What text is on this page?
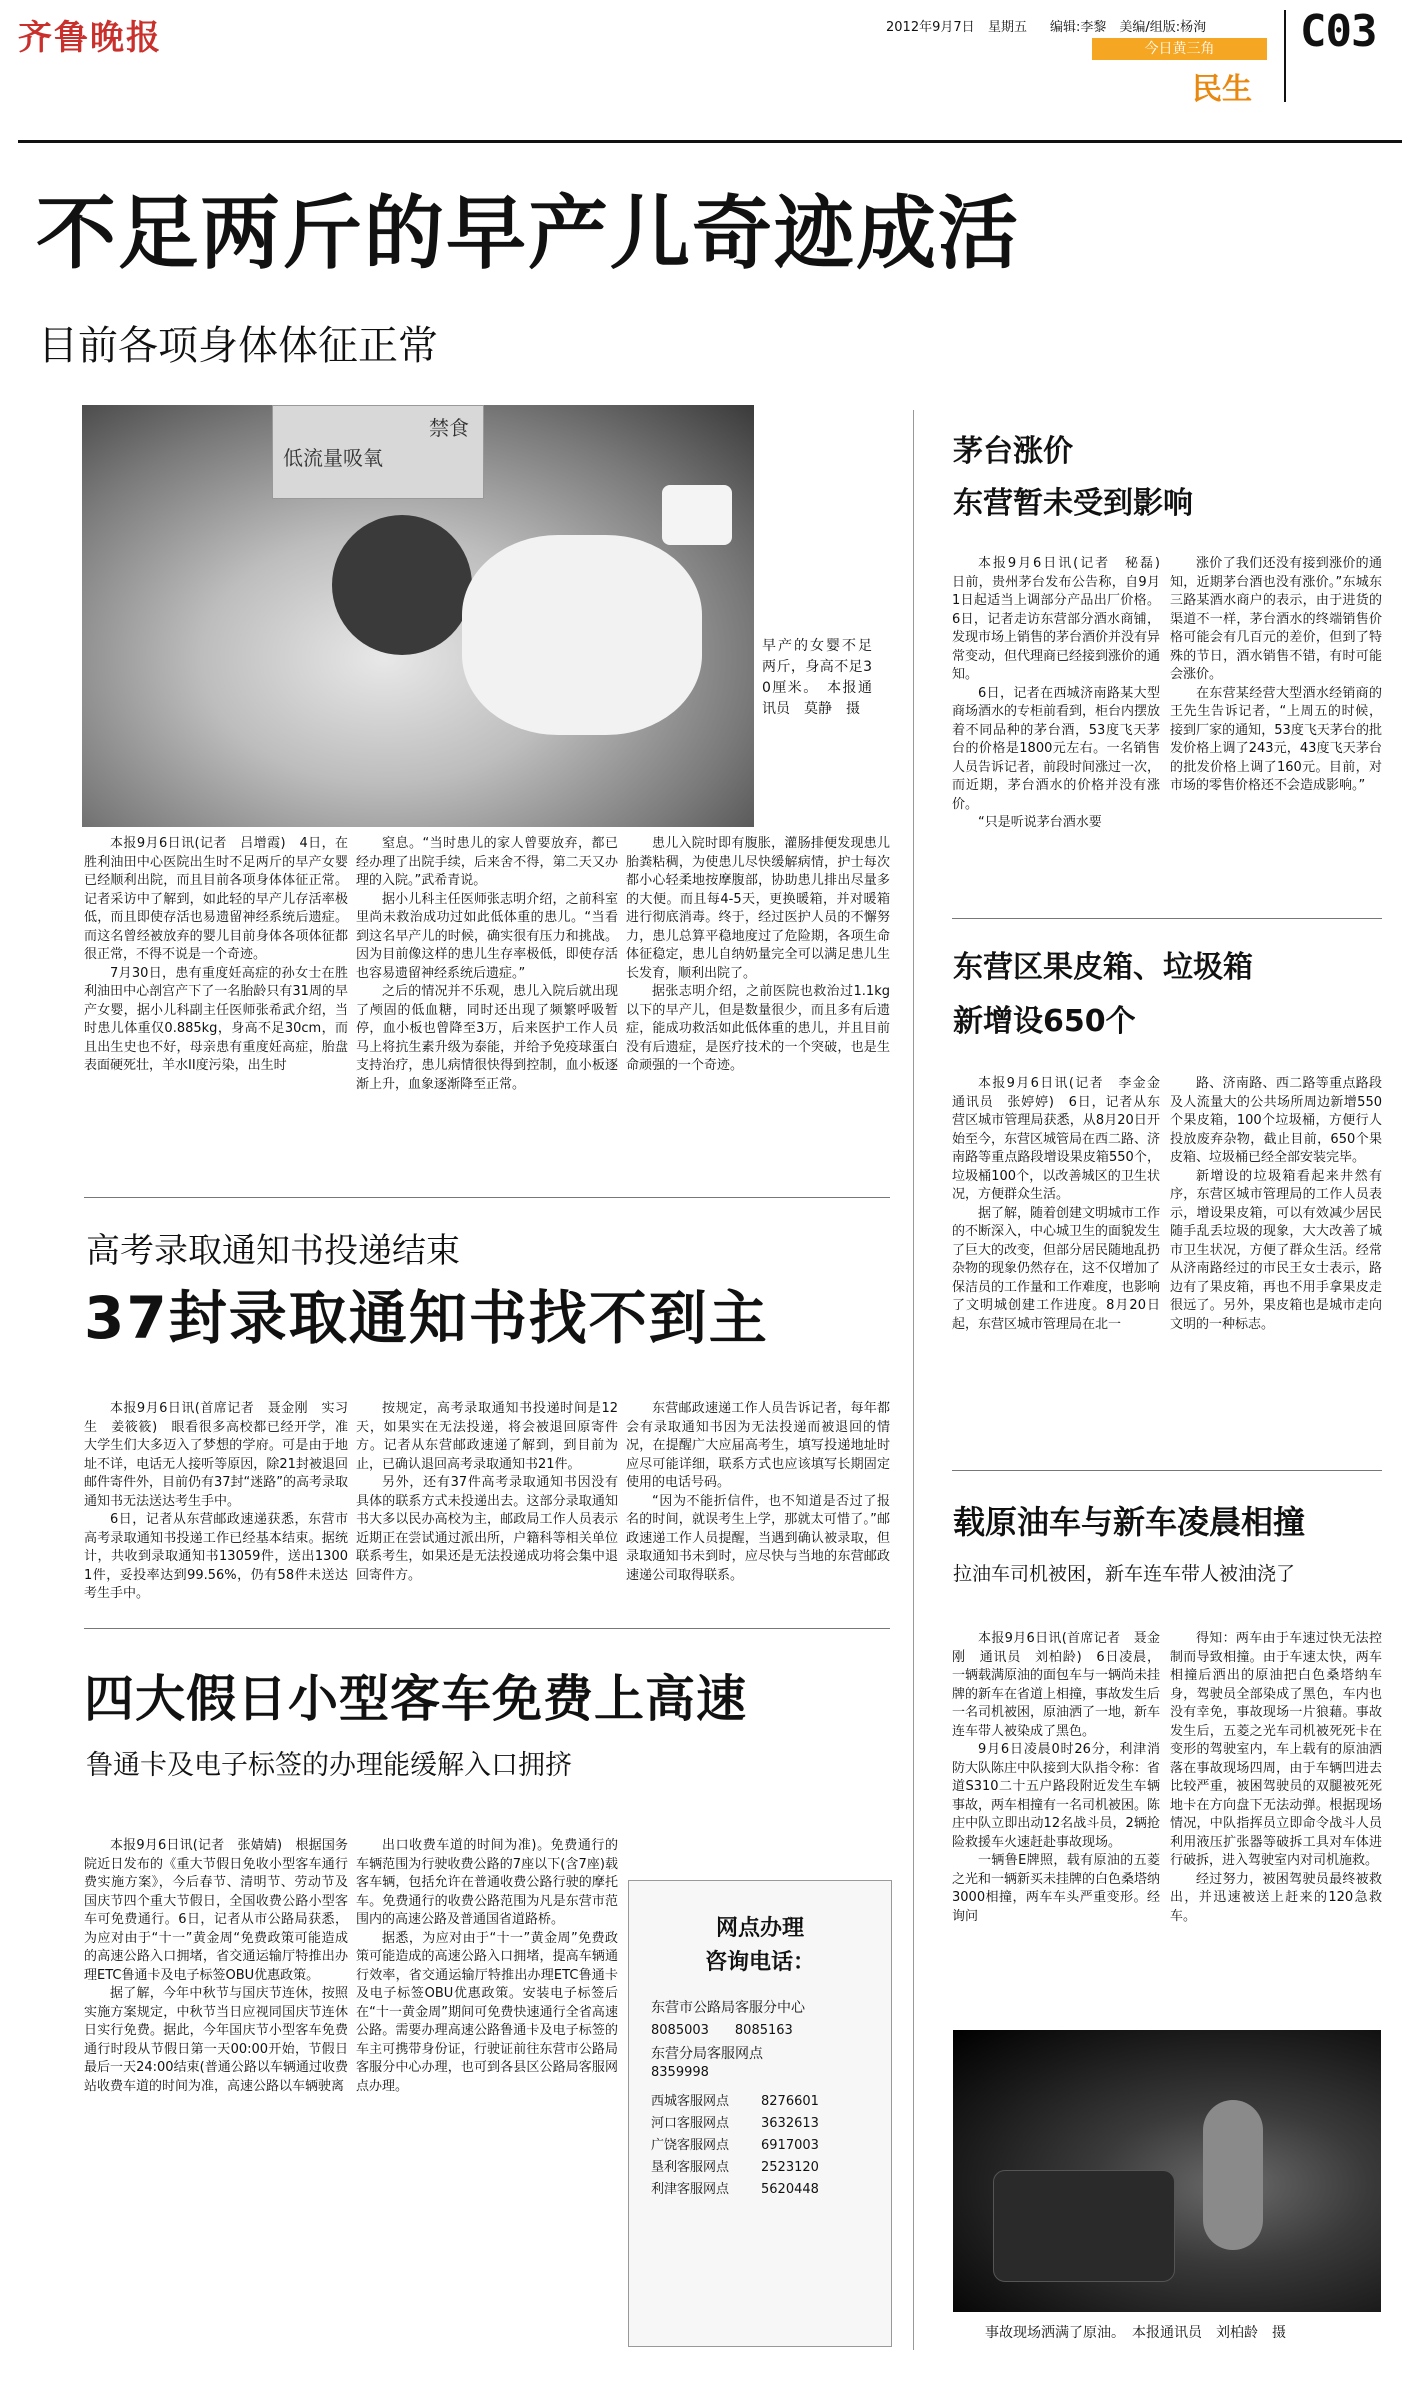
齐鲁晚报	2012年9月7日 星期五 编辑:李黎　美编/组版:杨洵
今日黄三角
民生
C03
不足两斤的早产儿奇迹成活
目前各项身体体征正常
禁食
低流量吸氧
早产的女婴不足两斤，身高不足30厘米。　本报通讯员　莫静　摄

本报9月6日讯(记者　吕增霞)　4日，在胜利油田中心医院出生时不足两斤的早产女婴已经顺利出院，而且目前各项身体体征正常。记者采访中了解到，如此轻的早产儿存活率极低，而且即使存活也易遗留神经系统后遗症。而这名曾经被放弃的婴儿目前身体各项体征都很正常，不得不说是一个奇迹。

7月30日，患有重度妊高症的孙女士在胜利油田中心剖宫产下了一名胎龄只有31周的早产女婴，据小儿科副主任医师张希武介绍，当时患儿体重仅0.885kg，身高不足30cm，而且出生史也不好，母亲患有重度妊高症，胎盘表面硬死壮，羊水II度污染，出生时

窒息。“当时患儿的家人曾要放弃，都已经办理了出院手续，后来舍不得，第二天又办理的入院。”武希青说。

据小儿科主任医师张志明介绍，之前科室里尚未救治成功过如此低体重的患儿。“当看到这名早产儿的时候，确实很有压力和挑战。因为目前像这样的患儿生存率极低，即使存活也容易遗留神经系统后遗症。”

之后的情况并不乐观，患儿入院后就出现了颅固的低血糖，同时还出现了频繁呼吸暂停，血小板也曾降至3万，后来医护工作人员马上将抗生素升级为泰能，并给予免疫球蛋白支持治疗，患儿病情很快得到控制，血小板逐渐上升，血象逐渐降至正常。

患儿入院时即有腹胀，灌肠排便发现患儿胎粪粘稠，为使患儿尽快缓解病情，护士每次都小心轻柔地按摩腹部，协助患儿排出尽量多的大便。而且每4-5天，更换暖箱，并对暖箱进行彻底消毒。终于，经过医护人员的不懈努力，患儿总算平稳地度过了危险期，各项生命体征稳定，患儿自纳奶量完全可以满足患儿生长发育，顺利出院了。

据张志明介绍，之前医院也救治过1.1kg以下的早产儿，但是数量很少，而且多有后遗症，能成功救活如此低体重的患儿，并且目前没有后遗症，是医疗技术的一个突破，也是生命顽强的一个奇迹。

高考录取通知书投递结束
37封录取通知书找不到主

本报9月6日讯(首席记者　聂金刚　实习生　姜筱筱)　眼看很多高校都已经开学，准大学生们大多迈入了梦想的学府。可是由于地址不详，电话无人接听等原因，除21封被退回邮件寄件外，目前仍有37封“迷路”的高考录取通知书无法送达考生手中。

6日，记者从东营邮政速递获悉，东营市高考录取通知书投递工作已经基本结束。据统计，共收到录取通知书13059件，送出13001件，妥投率达到99.56%，仍有58件未送达考生手中。

按规定，高考录取通知书投递时间是12天，如果实在无法投递，将会被退回原寄件方。记者从东营邮政速递了解到，到目前为止，已确认退回高考录取通知书21件。

另外，还有37件高考录取通知书因没有具体的联系方式未投递出去。这部分录取通知书大多以民办高校为主，邮政局工作人员表示近期正在尝试通过派出所，户籍科等相关单位联系考生，如果还是无法投递成功将会集中退回寄件方。

东营邮政速递工作人员告诉记者，每年都会有录取通知书因为无法投递而被退回的情况，在提醒广大应届高考生，填写投递地址时应尽可能详细，联系方式也应该填写长期固定使用的电话号码。

“因为不能折信件，也不知道是否过了报名的时间，就误考生上学，那就太可惜了。”邮政速递工作人员提醒，当遇到确认被录取，但录取通知书未到时，应尽快与当地的东营邮政速递公司取得联系。

四大假日小型客车免费上高速
鲁通卡及电子标签的办理能缓解入口拥挤

本报9月6日讯(记者　张婧婧)　根据国务院近日发布的《重大节假日免收小型客车通行费实施方案》，今后春节、清明节、劳动节及国庆节四个重大节假日，全国收费公路小型客车可免费通行。6日，记者从市公路局获悉，为应对由于“十一”黄金周“免费政策可能造成的高速公路入口拥堵，省交通运输厅特推出办理ETC鲁通卡及电子标签OBU优惠政策。

据了解，今年中秋节与国庆节连休，按照实施方案规定，中秋节当日应视同国庆节连休日实行免费。据此，今年国庆节小型客车免费通行时段从节假日第一天00:00开始，节假日最后一天24:00结束(普通公路以车辆通过收费站收费车道的时间为准，高速公路以车辆驶离

出口收费车道的时间为准)。免费通行的车辆范围为行驶收费公路的7座以下(含7座)载客车辆，包括允许在普通收费公路行驶的摩托车。免费通行的收费公路范围为凡是东营市范围内的高速公路及普通国省道路桥。

据悉，为应对由于“十一”黄金周”免费政策可能造成的高速公路入口拥堵，提高车辆通行效率，省交通运输厅特推出办理ETC鲁通卡及电子标签OBU优惠政策。安装电子标签后在“十一黄金周”期间可免费快速通行全省高速公路。需要办理高速公路鲁通卡及电子标签的车主可携带身份证，行驶证前往东营市公路局客服分中心办理，也可到各县区公路局客服网点办理。

网点办理
咨询电话：
东营市公路局客服分中心
8085003　　8085163
东营分局客服网点
8359998
西城客服网点 8276601
河口客服网点 3632613
广饶客服网点 6917003
垦利客服网点 2523120
利津客服网点 5620448
茅台涨价
东营暂未受到影响

本报9月6日讯(记者　秘磊)　日前，贵州茅台发布公告称，自9月1日起适当上调部分产品出厂价格。6日，记者走访东营部分酒水商铺，发现市场上销售的茅台酒价并没有异常变动，但代理商已经接到涨价的通知。

6日，记者在西城济南路某大型商场酒水的专柜前看到，柜台内摆放着不同品种的茅台酒，53度飞天茅台的价格是1800元左右。一名销售人员告诉记者，前段时间涨过一次，而近期，茅台酒水的价格并没有涨价。

“只是听说茅台酒水要

涨价了我们还没有接到涨价的通知，近期茅台酒也没有涨价。”东城东三路某酒水商户的表示，由于进货的渠道不一样，茅台酒水的终端销售价格可能会有几百元的差价，但到了特殊的节日，酒水销售不错，有时可能会涨价。

在东营某经营大型酒水经销商的王先生告诉记者，“上周五的时候，接到厂家的通知，53度飞天茅台的批发价格上调了243元，43度飞天茅台的批发价格上调了160元。目前，对市场的零售价格还不会造成影响。”

东营区果皮箱、垃圾箱
新增设650个

本报9月6日讯(记者　李金金　通讯员　张婷婷)　6日，记者从东营区城市管理局获悉，从8月20日开始至今，东营区城管局在西二路、济南路等重点路段增设果皮箱550个，垃圾桶100个，以改善城区的卫生状况，方便群众生活。

据了解，随着创建文明城市工作的不断深入，中心城卫生的面貌发生了巨大的改变，但部分居民随地乱扔杂物的现象仍然存在，这不仅增加了保洁员的工作量和工作难度，也影响了文明城创建工作进度。8月20日起，东营区城市管理局在北一

路、济南路、西二路等重点路段及人流量大的公共场所周边新增550个果皮箱，100个垃圾桶，方便行人投放废弃杂物，截止目前，650个果皮箱、垃圾桶已经全部安装完毕。

新增设的垃圾箱看起来井然有序，东营区城市管理局的工作人员表示，增设果皮箱，可以有效减少居民随手乱丢垃圾的现象，大大改善了城市卫生状况，方便了群众生活。经常从济南路经过的市民王女士表示，路边有了果皮箱，再也不用手拿果皮走很远了。另外，果皮箱也是城市走向文明的一种标志。

载原油车与新车凌晨相撞
拉油车司机被困，新车连车带人被油浇了

本报9月6日讯(首席记者　聂金刚　通讯员　刘柏龄)　6日凌晨，一辆载满原油的面包车与一辆尚未挂牌的新车在省道上相撞，事故发生后一名司机被困，原油洒了一地，新车连车带人被染成了黑色。

9月6日凌晨0时26分，利津消防大队陈庄中队接到大队指令称：省道S310二十五户路段附近发生车辆事故，两车相撞有一名司机被困。陈庄中队立即出动12名战斗员，2辆抢险救援车火速赶赴事故现场。

一辆鲁E牌照，载有原油的五菱之光和一辆新买未挂牌的白色桑塔纳3000相撞，两车车头严重变形。经询问

得知：两车由于车速过快无法控制而导致相撞。由于车速太快，两车相撞后洒出的原油把白色桑塔纳车身，驾驶员全部染成了黑色，车内也没有幸免，事故现场一片狼藉。事故发生后，五菱之光车司机被死死卡在变形的驾驶室内，车上载有的原油洒落在事故现场四周，由于车辆凹进去比较严重，被困驾驶员的双腿被死死地卡在方向盘下无法动弹。根据现场情况，中队指挥员立即命令战斗人员利用液压扩张器等破拆工具对车体进行破拆，进入驾驶室内对司机施救。

经过努力，被困驾驶员最终被救出，并迅速被送上赶来的120急救车。

事故现场洒满了原油。　本报通讯员　刘柏龄　摄
